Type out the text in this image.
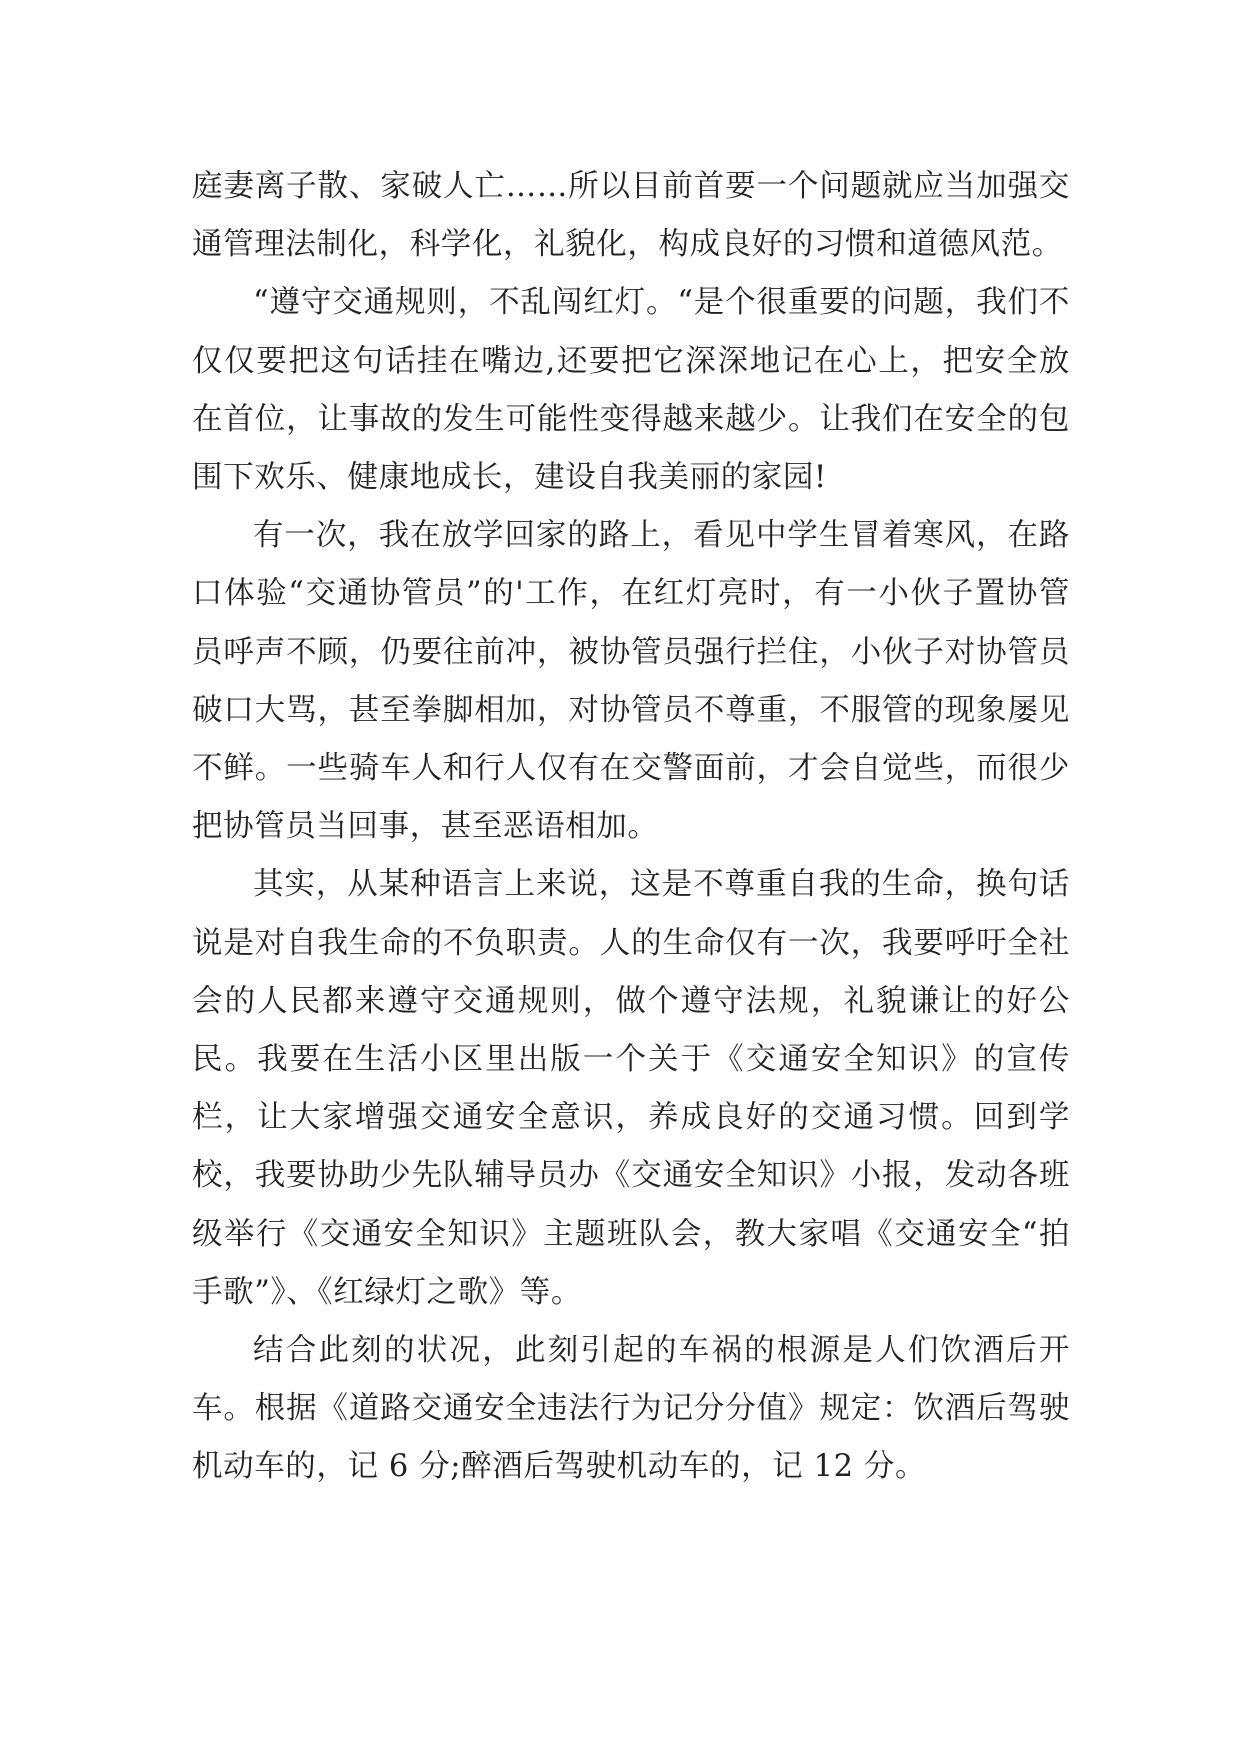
庭妻离子散、家破人亡……所以目前首要一个问题就应当加强交通管理法制化，科学化，礼貌化，构成良好的习惯和道德风范。

“遵守交通规则，不乱闯红灯。“是个很重要的问题，我们不仅仅要把这句话挂在嘴边,还要把它深深地记在心上，把安全放在首位，让事故的发生可能性变得越来越少。让我们在安全的包围下欢乐、健康地成长，建设自我美丽的家园!

有一次，我在放学回家的路上，看见中学生冒着寒风，在路口体验“交通协管员”的'工作，在红灯亮时，有一小伙子置协管员呼声不顾，仍要往前冲，被协管员强行拦住，小伙子对协管员破口大骂，甚至拳脚相加，对协管员不尊重，不服管的现象屡见不鲜。一些骑车人和行人仅有在交警面前，才会自觉些，而很少把协管员当回事，甚至恶语相加。

其实，从某种语言上来说，这是不尊重自我的生命，换句话说是对自我生命的不负职责。人的生命仅有一次，我要呼吁全社会的人民都来遵守交通规则，做个遵守法规，礼貌谦让的好公民。我要在生活小区里出版一个关于《交通安全知识》的宣传栏，让大家增强交通安全意识，养成良好的交通习惯。回到学校，我要协助少先队辅导员办《交通安全知识》小报，发动各班级举行《交通安全知识》主题班队会，教大家唱《交通安全“拍手歌”》、《红绿灯之歌》等。

结合此刻的状况，此刻引起的车祸的根源是人们饮酒后开车。根据《道路交通安全违法行为记分分值》规定：饮酒后驾驶机动车的，记 6 分;醉酒后驾驶机动车的，记 12 分。
